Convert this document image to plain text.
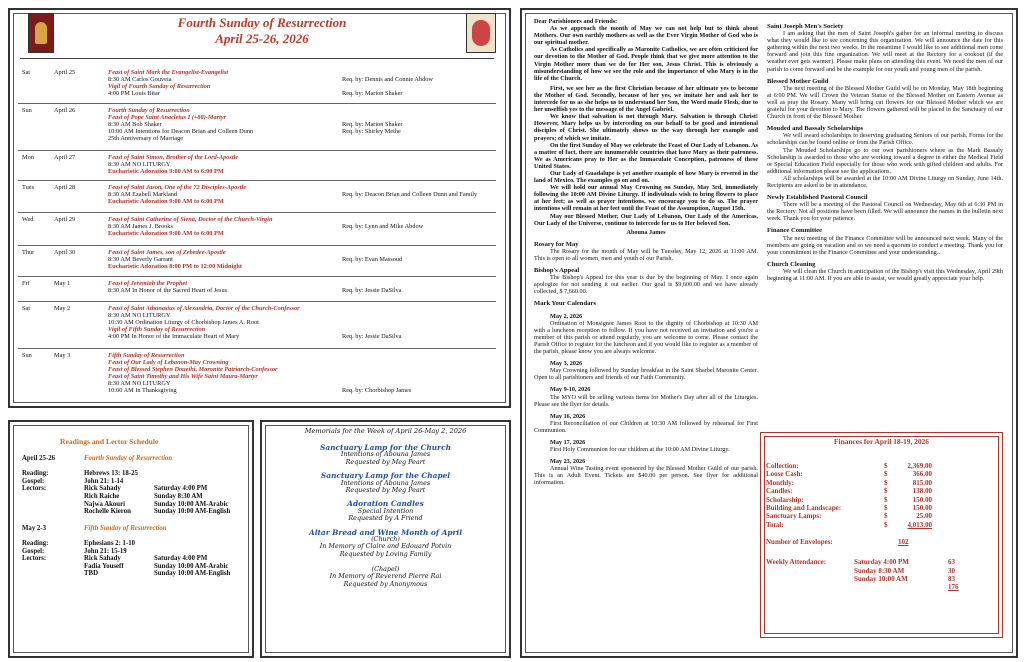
Fourth Sunday of Resurrection
April 25-26, 2026
Sat	April 25	Feast of Saint Mark the Evangelist-Evangelist
8:30 AM Carlos Gouveia	Req. by: Dennis and Connie Abdow
Vigil of Fourth Sunday of Resurrection
4:00 PM Louis Bitar	Req. by: Marion Shaker
Sun	April 26	Fourth Sunday of Resurrection
Feast of Pope Saint Anacletus I (+88)-Martyr
8:30 AM Bob Shaker	Req. by: Marion Shaker
10:00 AM Intentions for Deacon Brian and Colleen Dunn	Req. by: Shirley Methe
25th Anniversary of Marriage
Mon	April 27	Feast of Saint Simon, Brother of the Lord-Apostle
8:30 AM NO LITURGY
Eucharistic Adoration 9:00 AM to 6:00 PM
Tues	April 28	Feast of Saint Jason, One of the 72 Disciples-Apostle
8:30 AM Ezabell Markland	Req. by: Deacon Brian and Colleen Dunn and Family
Eucharistic Adoration 9:00 AM to 6:00 PM
Wed	April 29	Feast of Saint Catherine of Siena, Doctor of the Church-Virgin
8:30 AM James J. Brooks	Req. by: Lynn and Mike Abdow
Eucharistic Adoration 9:00 AM to 6:00 PM
Thur	April 30	Feast of Saint James, son of Zebedee-Apostle
8:30 AM Beverly Garrant	Req. by: Evan Massoud
Eucharistic Adoration 8:00 PM to 12:00 Midnight
Fri	May 1	Feast of Jeremiah the Prophet
8:30 AM In Honor of the Sacred Heart of Jesus	Req. by: Jessie DaSilva
Sat	May 2	Feast of Saint Athanasius of Alexandria, Doctor of the Church-Confessor
8:30 AM NO LITURGY
10:30 AM Ordination Liturgy of Chorbishop James A. Root
Vigil of Fifth Sunday of Resurrection
4:00 PM In Honor of the Immaculate Heart of Mary	Req. by: Jessie DaSilva
Sun	May 3	Fifth Sunday of Resurrection
Feast of Our Lady of Lebanon-May Crowning
Feast of Blessed Stephen Doueihi, Maronite Patriarch-Confessor
Feast of Saint Timothy and His Wife Saint Maura-Martyr
8:30 AM NO LITURGY
10:00 AM In Thanksgiving	Req. by: Chorbishop James
Readings and Lector Schedule
April 25-26	Fourth Sunday of Resurrection	

Reading:	Hebrews 13: 18-25	
Gospel:	John 21: 1-14	
Lectors:	Rick Sahady	Saturday 4:00 PM
	Rich Raiche	Sunday 8:30 AM
	Najwa Akouri	Sunday 10:00 AM-Arabic
	Rochelle Kieron	Sunday 10:00 AM-English
May 2-3	Fifth Sunday of Resurrection	

Reading:	Ephesians 2: 1-10	
Gospel:	John 21: 15-19	
Lectors:	Rick Sahady	Saturday 4:00 PM
	Fadia Youseff	Sunday 10:00 AM-Arabic
	TBD	Sunday 10:00 AM-English
Memorials for the Week of April 26-May 2, 2026
Sanctuary Lamp for the Church
Intentions of Abouna James
Requested by Meg Peart
Sanctuary Lamp for the Chapel
Intentions of Abouna James
Requested by Meg Peart
Adoration Candles
Special Intention
Requested by A Friend
Altar Bread and Wine Month of April
(Church)
In Memory of Claire and Edouard Potvin
Requested by Loving Family

(Chapel)
In Memory of Reverend Pierre Rai
Requested by Anonymous
Dear Parishioners and Friends:

As we approach the month of May we can not help but to think about Mothers. Our own earthly mothers as well as the Ever Virgin Mother of God who is our spiritual mother.

As Catholics and specifically as Maronite Catholics, we are often criticized for our devotion to the Mother of God. People think that we give more attention to the Virgin Mother more than we do for Her son, Jesus Christ. This is obviously a misunderstanding of how we see the role and the importance of who Mary is in the life of the Church.

First, we see her as the first Christian because of her ultimate yes to become the Mother of God. Secondly, because of her yes, we imitate her and ask her to intercede for us as she helps us to understand her Son, the Word made Flesh, due to her unselfish yes to the message of the Angel Gabriel.

We know that salvation is not through Mary. Salvation is through Christ! However, Mary helps us by interceding on our behalf to be good and intentional disciples of Christ. She ultimately shows us the way through her example and prayers; of which we imitate.

On the first Sunday of May we celebrate the Feast of Our Lady of Lebanon. As a matter of fact, there are innumerable countries that have Mary as their patroness. We as Americans pray to Her as the Immaculate Conception, patroness of these United States.

Our Lady of Guadalupe is yet another example of how Mary is revered in the land of Mexico. The examples go on and on.

We will hold our annual May Crowning on Sunday, May 3rd, immediately following the 10:00 AM Divine Liturgy. If individuals wish to bring flowers to place at her feet; as well as prayer intentions, we encourage you to do so. The prayer intentions will remain at her feet until the Feast of the Assumption, August 15th.

May our Blessed Mother, Our Lady of Lebanon, Our Lady of the Americas, Our Lady of the Universe, continue to intercede for us to Her beloved Son.

Abouna James
Rosary for May

The Rosary for the month of May will be Tuesday, May 12, 2026 at 11:00 AM. This is open to all women, men and youth of our Parish.

Bishop's Appeal

The Bishop's Appeal for this year is due by the beginning of May. I once again apologize for not sending it out earlier. Our goal is $9,600.00 and we have already collected, $ 7,660.00.

Mark Your Calendars
May 2, 2026

Ordination of Monsignor James Root to the dignity of Chorbishop at 10:30 AM with a luncheon reception to follow. If you have not received an invitation and you're a member of this parish or attend regularly, you are welcome to come. Please contact the Parish Office to register for the luncheon and if you would like to register as a member of the parish, please know you are always welcome.

May 3, 2026

May Crowning followed by Sunday breakfast in the Saint Sharbel Maronite Center. Open to all parishioners and friends of our Faith Community.

May 9-10, 2026

The MYO will be selling various items for Mother's Day after all of the Liturgies. Please see the flyer for details.

May 16, 2026

First Reconciliation of our Children at 10:30 AM followed by rehearsal for First Communion.

May 17, 2026

First Holy Communion for our children at the 10:00 AM Divine Liturgy.

May 23, 2026

Annual Wine Tasting event sponsored by the Blessed Mother Guild of our parish. This is an Adult Event. Tickets are $40.00 per person. See flyer for additional information.

Saint Joseph Men's Society

I am asking that the men of Saint Joseph's gather for an informal meeting to discuss what they would like to see concerning this organization. We will announce the date for this gathering within the next two weeks. In the meantime I would like to see additional men come forward and join this fine organization. We will meet at the Rectory for a cookout (if the weather ever gets warmer). Please make plans on attending this event. We need the men of our parish to come forward and be the example for our youth and young men of the parish.

Blessed Mother Guild

The next meeting of the Blessed Mother Guild will be on Monday, May 18th beginning at 6:00 PM. We will Crown the Veteran Statue of the Blessed Mother on Eastern Avenue as well as pray the Rosary. Many will bring cut flowers for our Blessed Mother which we are grateful for your devotion to Mary. The flowers gathered will be placed in the Sanctuary of our Church in front of the Blessed Mother.

Mouded and Bassaly Scholarships

We will award scholarships to deserving graduating Seniors of our parish. Forms for the scholarships can be found online or from the Parish Office.

The Mouded Scholarships go to our own parishioners where as the Mark Bassaly Scholarship is awarded to those who are working toward a degree in either the Medical Field or Special Education Field especially for those who work with gifted children and adults. For additional information please see the applications.

All scholarships will be awarded at the 10:00 AM Divine Liturgy on Sunday, June 14th. Recipients are asked to be in attendance.

Newly Established Pastoral Council

There will be a meeting of the Pastoral Council on Wednesday, May 6th at 6:30 PM in the Rectory. Not all positions have been filled. We will announce the names in the bulletin next week. Thank you for your patience.

Finance Committee

The next meeting of the Finance Committee will be announced next week. Many of the members are going on vacation and so we need a quorum to conduct a meeting. Thank you for your commitment to the Finance Committee and your understanding..

Church Cleaning

We will clean the Church in anticipation of the Bishop's visit this Wednesday, April 29th beginning at 11:00 AM. If you are able to assist, we would greatly appreciate your help.

Finances for April 18-19, 2026
Collection:	$	2,369.00
Loose Cash:	$	366.00
Monthly:	$	815.00
Candles:	$	138.00
Scholarship:	$	150.00
Building and Landscape:	$	150.00
Sanctuary Lamps:	$	25.00
Total:	$	4,013.00
Number of Envelopes:	102
Weekly Attendance:	Saturday 4:00 PM	63
	Sunday 8:30 AM	30
	Sunday 10:00 AM	83
		176
